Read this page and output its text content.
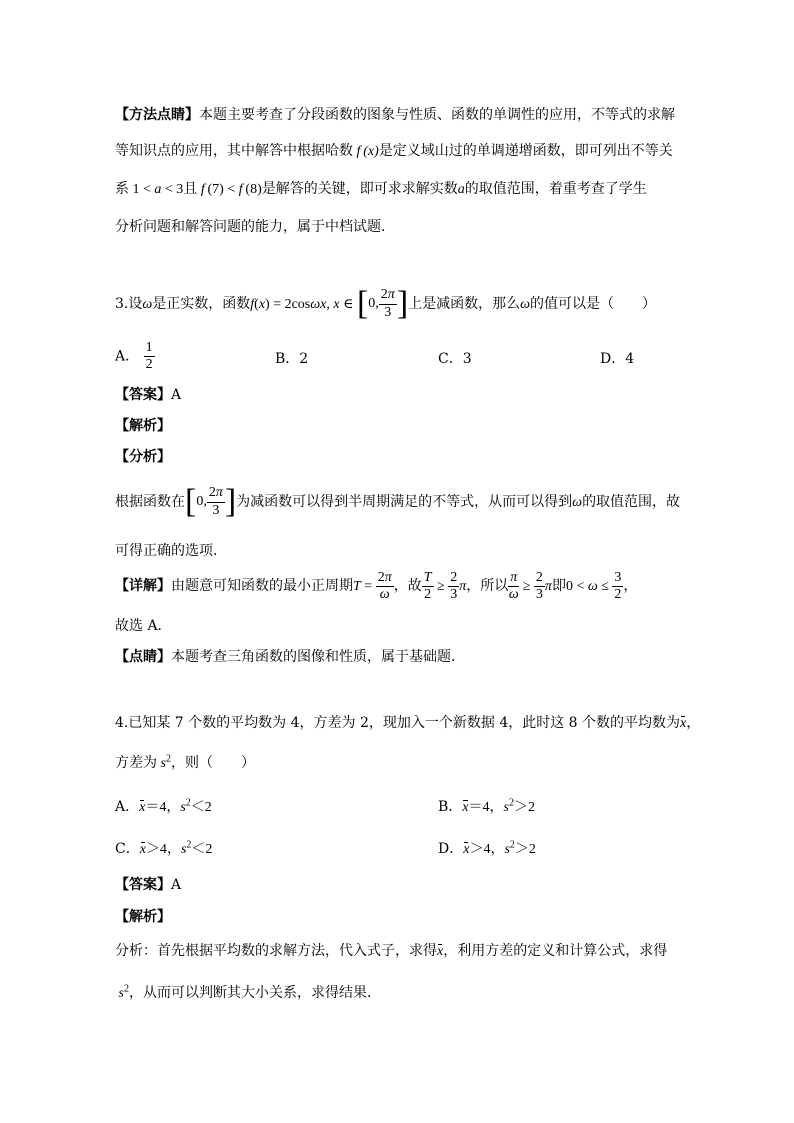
【方法点睛】本题主要考查了分段函数的图象与性质、函数的单调性的应用，不等式的求解
等知识点的应用，其中解答中根据哈数 f (x)是定义域山过的单调递增函数，即可列出不等关
系 1 < a < 3且 f (7) < f (8)是解答的关键，即可求求解实数a的取值范围，着重考查了学生
分析问题和解答问题的能力，属于中档试题．
3.设ω是正实数，函数f(x) = 2cosωx, x ∈ [0, $\frac{2\pi}{3}$ ]上是减函数，那么ω的值可以是（　　）
A． $\frac{1}{2}$	B．2	C．3	D．4
【答案】A
【解析】
【分析】
根据函数在[0, $\frac{2\pi}{3}$ ]为减函数可以得到半周期满足的不等式，从而可以得到ω的取值范围，故
可得正确的选项．
【详解】由题意可知函数的最小正周期$T = \frac{2\pi}{\omega}$ ，故 $\frac{T}{2} \ge \frac{2}{3}$ π，所以 $\frac{\pi}{\omega} \ge \frac{2}{3}$ π即$0 < \omega \le \frac{3}{2}$ ，
故选 A．
【点睛】本题考查三角函数的图像和性质，属于基础题．
4.已知某 7 个数的平均数为 4，方差为 2，现加入一个新数据 4，此时这 8 个数的平均数为x，
方差为 $s^2$，则（　　）
A．x＝4，$s^2<2$	B．x＝4，$s^2>2$
C．x＞4，$s^2<2$	D．x＞4，$s^2>2$
【答案】A
【解析】
分析：首先根据平均数的求解方法，代入式子，求得x，利用方差的定义和计算公式，求得
$s^2$，从而可以判断其大小关系，求得结果．
